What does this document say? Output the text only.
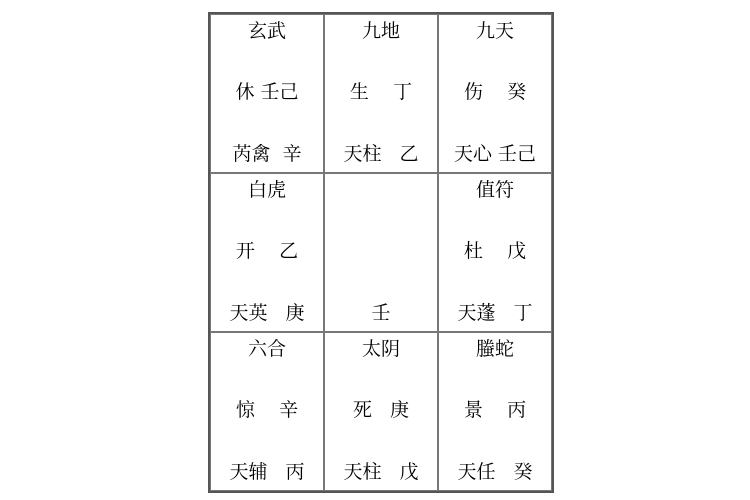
玄武
休 壬己
芮禽  辛
九地
生    丁
天柱   乙
九天
伤    癸
天心 壬己
白虎
开    乙
天英   庚	壬
值符
杜    戊
天蓬   丁
六合
惊    辛
天辅   丙
太阴
死   庚
天柱   戊
螣蛇
景    丙
天任   癸
